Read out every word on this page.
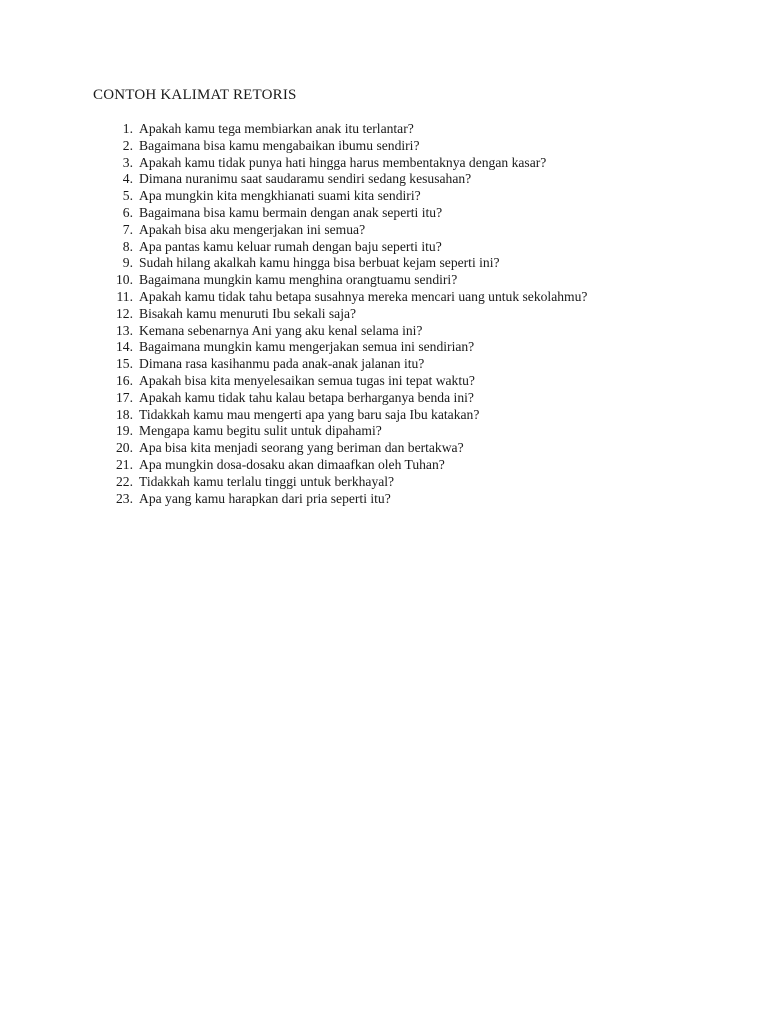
CONTOH KALIMAT RETORIS
1. Apakah kamu tega membiarkan anak itu terlantar?
2. Bagaimana bisa kamu mengabaikan ibumu sendiri?
3. Apakah kamu tidak punya hati hingga harus membentaknya dengan kasar?
4. Dimana nuranimu saat saudaramu sendiri sedang kesusahan?
5. Apa mungkin kita mengkhianati suami kita sendiri?
6. Bagaimana bisa kamu bermain dengan anak seperti itu?
7. Apakah bisa aku mengerjakan ini semua?
8. Apa pantas kamu keluar rumah dengan baju seperti itu?
9. Sudah hilang akalkah kamu hingga bisa berbuat kejam seperti ini?
10. Bagaimana mungkin kamu menghina orangtuamu sendiri?
11. Apakah kamu tidak tahu betapa susahnya mereka mencari uang untuk sekolahmu?
12. Bisakah kamu menuruti Ibu sekali saja?
13. Kemana sebenarnya Ani yang aku kenal selama ini?
14. Bagaimana mungkin kamu mengerjakan semua ini sendirian?
15. Dimana rasa kasihanmu pada anak-anak jalanan itu?
16. Apakah bisa kita menyelesaikan semua tugas ini tepat waktu?
17. Apakah kamu tidak tahu kalau betapa berharganya benda ini?
18. Tidakkah kamu mau mengerti apa yang baru saja Ibu katakan?
19. Mengapa kamu begitu sulit untuk dipahami?
20. Apa bisa kita menjadi seorang yang beriman dan bertakwa?
21. Apa mungkin dosa-dosaku akan dimaafkan oleh Tuhan?
22. Tidakkah kamu terlalu tinggi untuk berkhayal?
23. Apa yang kamu harapkan dari pria seperti itu?
